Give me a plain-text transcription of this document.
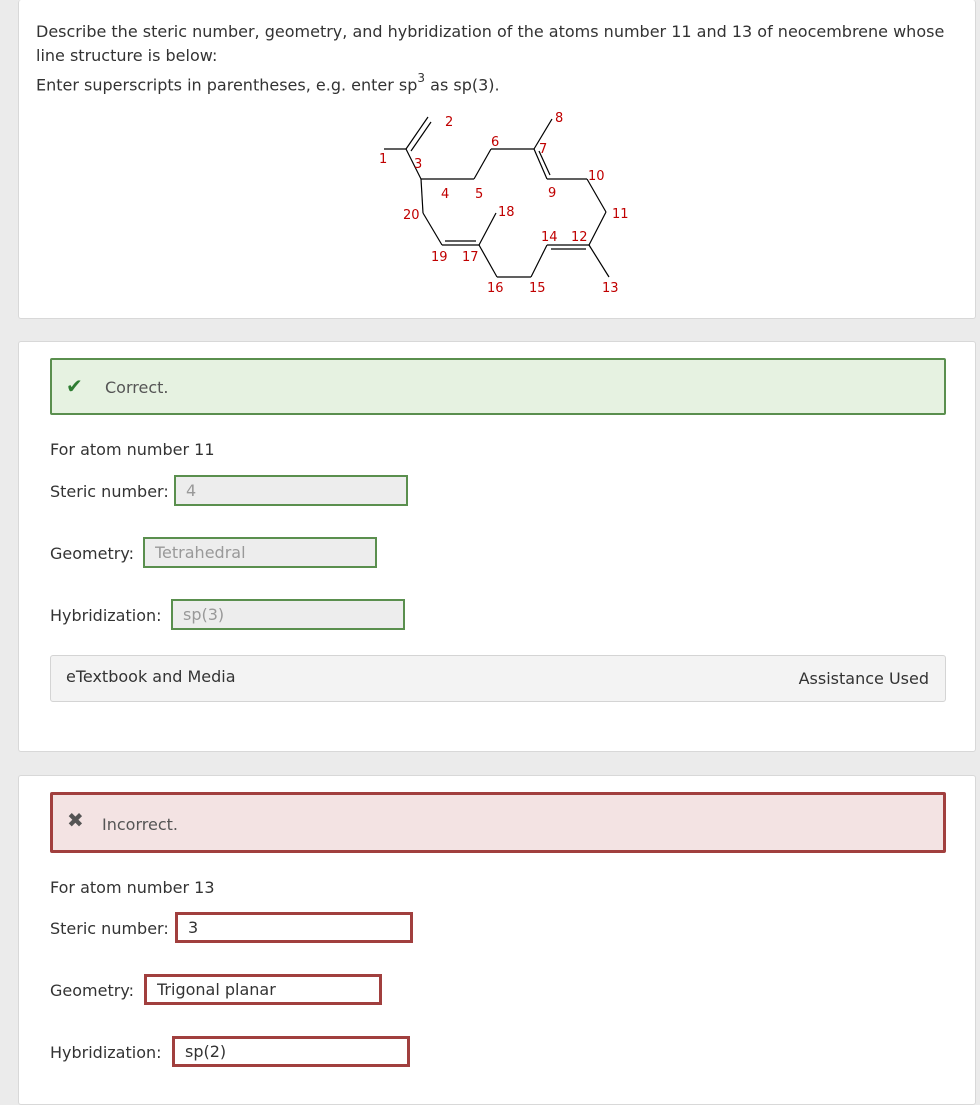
Describe the steric number, geometry, and hybridization of the atoms number 11 and 13 of neocembrene whose line structure is below:
Enter superscripts in parentheses, e.g. enter $sp^3$ as sp(3).
1
2
3
4 5
6	7
8
9
10
11
12
13
14
15
16
17
18
19
20
✔ Correct.
For atom number 11
Steric number:
4
Geometry:
Tetrahedral
Hybridization:
sp(3)
eTextbook and Media	Assistance Used
✖ Incorrect.
For atom number 13
Steric number:
3
Geometry:
Trigonal planar
Hybridization:
sp(2)
